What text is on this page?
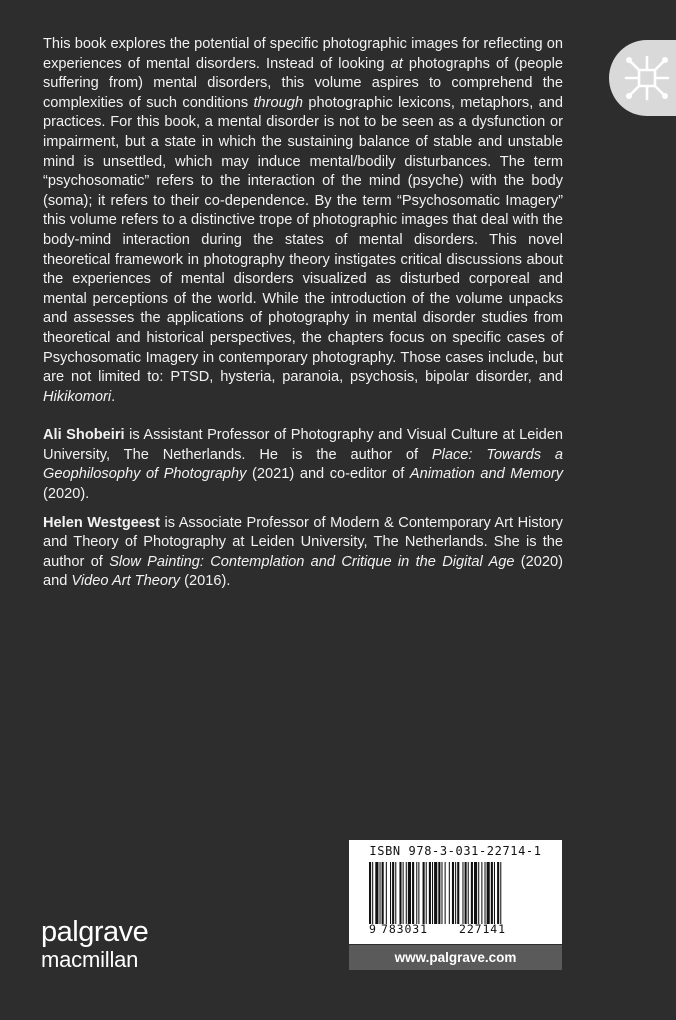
This book explores the potential of specific photographic images for reflecting on experiences of mental disorders. Instead of looking at photographs of (people suffering from) mental disorders, this volume aspires to comprehend the complexities of such conditions through photographic lexicons, metaphors, and practices. For this book, a mental disorder is not to be seen as a dysfunction or impairment, but a state in which the sustaining balance of stable and unstable mind is unsettled, which may induce mental/bodily disturbances. The term “psychosomatic” refers to the interaction of the mind (psyche) with the body (soma); it refers to their co-dependence. By the term “Psychosomatic Imagery” this volume refers to a distinctive trope of photographic images that deal with the body-mind interaction during the states of mental disorders. This novel theoretical framework in photography theory instigates critical discussions about the experiences of mental disorders visualized as disturbed corporeal and mental perceptions of the world. While the introduction of the volume unpacks and assesses the applications of photography in mental disorder studies from theoretical and historical perspectives, the chapters focus on specific cases of Psychosomatic Imagery in contemporary photography. Those cases include, but are not limited to: PTSD, hysteria, paranoia, psychosis, bipolar disorder, and Hikikomori.

Ali Shobeiri is Assistant Professor of Photography and Visual Culture at Leiden University, The Netherlands. He is the author of Place: Towards a Geophilosophy of Photography (2021) and co-editor of Animation and Memory (2020).

Helen Westgeest is Associate Professor of Modern & Contemporary Art History and Theory of Photography at Leiden University, The Netherlands. She is the author of Slow Painting: Contemplation and Critique in the Digital Age (2020) and Video Art Theory (2016).

ISBN 978-3-031-22714-1
9 783031	227141
www.palgrave.com
palgrave
macmillan
